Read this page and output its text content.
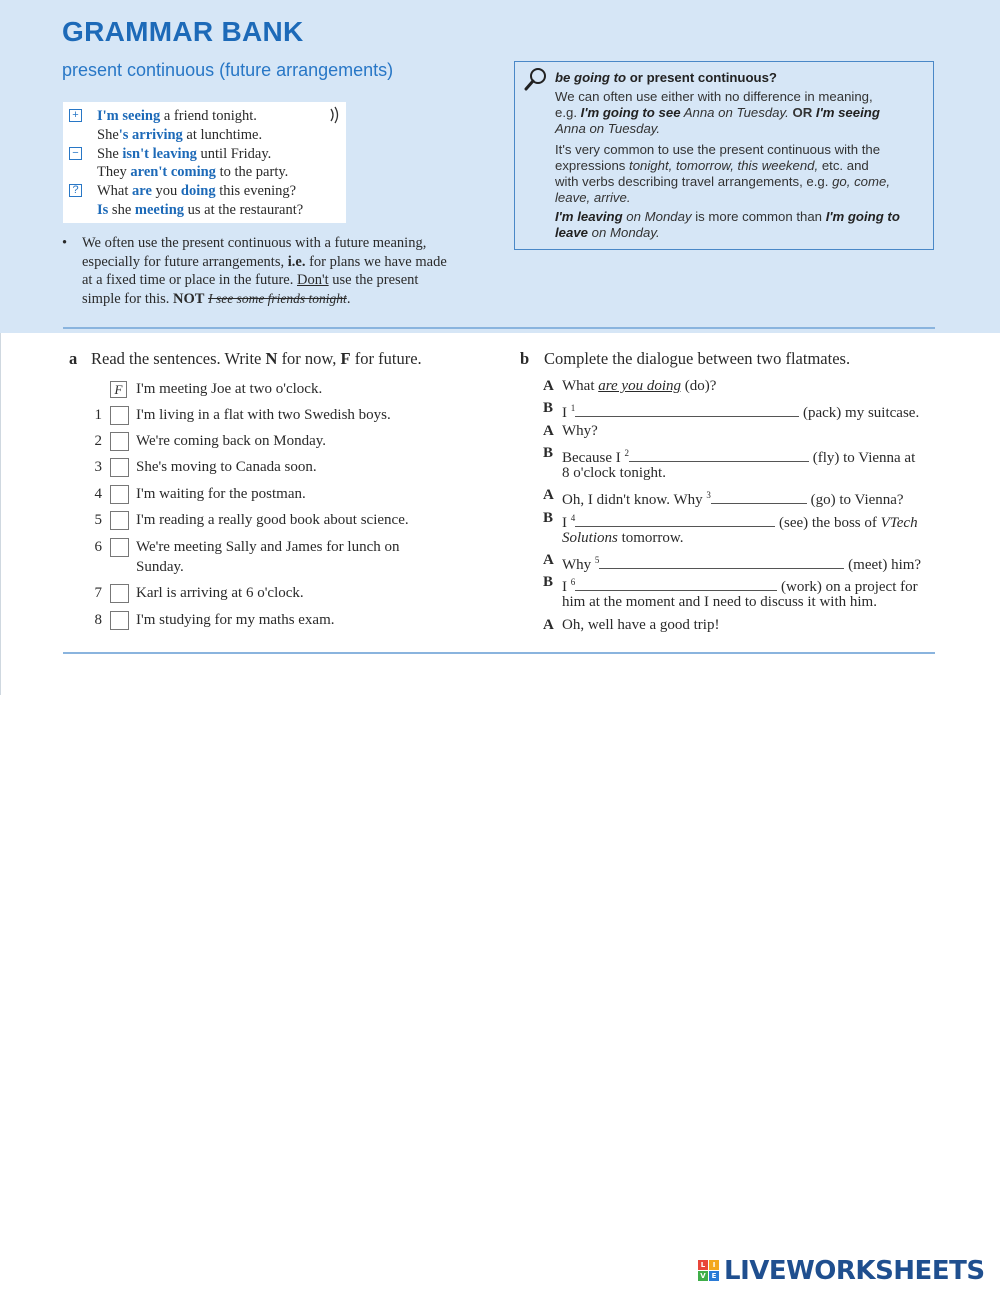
GRAMMAR BANK
present continuous (future arrangements)
+ I'm seeing a friend tonight.
She's arriving at lunchtime.
− She isn't leaving until Friday.
They aren't coming to the party.
? What are you doing this evening?
Is she meeting us at the restaurant?
• We often use the present continuous with a future meaning,
especially for future arrangements, i.e. for plans we have made
at a fixed time or place in the future. Don't use the present
simple for this. NOT I see some friends tonight.
be going to or present continuous?
We can often use either with no difference in meaning,
e.g. I'm going to see Anna on Tuesday. OR I'm seeing
Anna on Tuesday.
It's very common to use the present continuous with the
expressions tonight, tomorrow, this weekend, etc. and
with verbs describing travel arrangements, e.g. go, come,
leave, arrive.
I'm leaving on Monday is more common than I'm going to
leave on Monday.
a Read the sentences. Write N for now, F for future.
F I'm meeting Joe at two o'clock.
1 I'm living in a flat with two Swedish boys.
2 We're coming back on Monday.
3 She's moving to Canada soon.
4 I'm waiting for the postman.
5 I'm reading a really good book about science.
6 We're meeting Sally and James for lunch on
Sunday.
7 Karl is arriving at 6 o'clock.
8 I'm studying for my maths exam.
b Complete the dialogue between two flatmates.
A What are you doing (do)?
B I $^1$	(pack) my suitcase.
A Why?
B Because I $^2$	(fly) to Vienna at
8 o'clock tonight.
A Oh, I didn't know. Why $^3$	(go) to Vienna?
B I $^4$	(see) the boss of VTech
Solutions tomorrow.
A Why $^5$	(meet) him?
B I $^6$	(work) on a project for
him at the moment and I need to discuss it with him.
A Oh, well have a good trip!
L	I
V E LIVEWORKSHEETS
